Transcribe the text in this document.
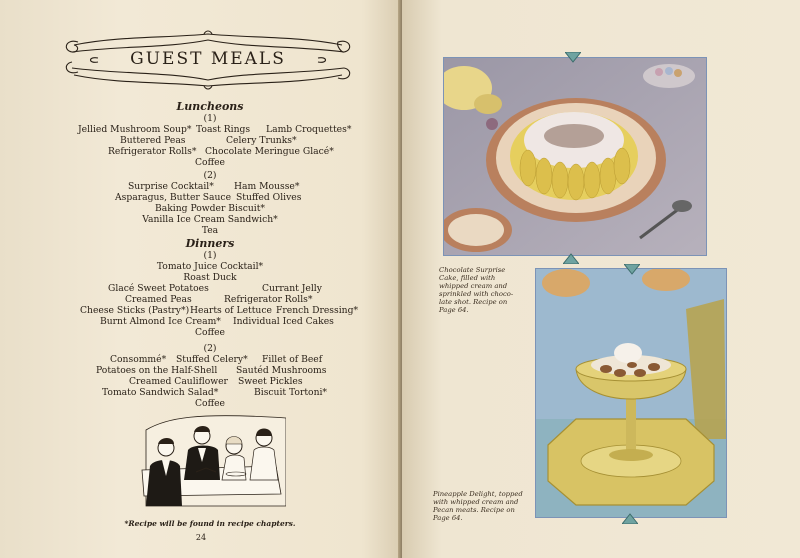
GUEST MEALS
Luncheons
(1)
Jellied Mushroom Soup* Toast Rings Lamb Croquettes*
Buttered Peas	Celery Trunks*
Refrigerator Rolls* Chocolate Meringue Glacé*
Coffee
(2)
Surprise Cocktail* Ham Mousse*
Asparagus, Butter Sauce Stuffed Olives
Baking Powder Biscuit*
Vanilla Ice Cream Sandwich*
Tea
Dinners
(1)
Tomato Juice Cocktail*
Roast Duck
Glacé Sweet Potatoes	Currant Jelly
Creamed Peas	Refrigerator Rolls*
Cheese Sticks (Pastry*) Hearts of Lettuce French Dressing*
Burnt Almond Ice Cream* Individual Iced Cakes
Coffee
(2)
Consommé* Stuffed Celery* Fillet of Beef
Potatoes on the Half-Shell Sautéd Mushrooms
Creamed Cauliflower Sweet Pickles
Tomato Sandwich Salad*	Biscuit Tortoni*
Coffee
*Recipe will be found in recipe chapters.
24
Chocolate Surprise
Cake, filled with
whipped cream and
sprinkled with choco-
late shot. Recipe on
Page 64.
Pineapple Delight, topped
with whipped cream and
Pecan meats. Recipe on
Page 64.
